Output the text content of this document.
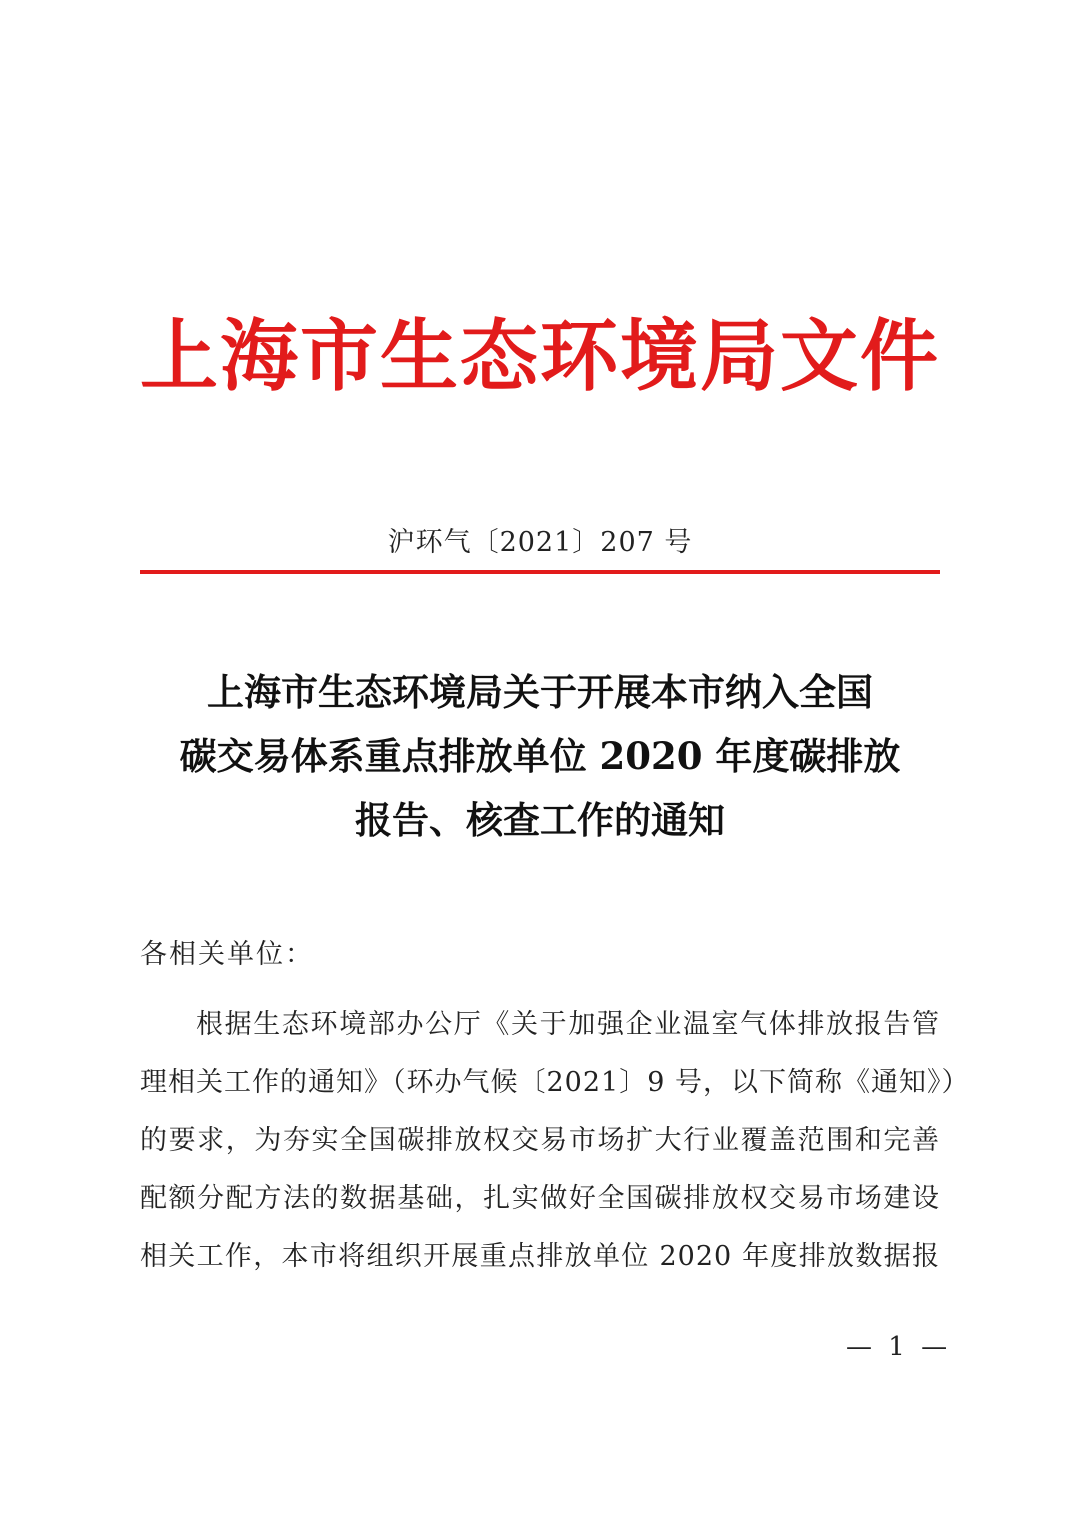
上海市生态环境局文件
沪环气〔2021〕207 号
上海市生态环境局关于开展本市纳入全国
碳交易体系重点排放单位 2020 年度碳排放
报告、核查工作的通知
各相关单位：
根据生态环境部办公厅《关于加强企业温室气体排放报告管
理相关工作的通知》（环办气候〔2021〕9 号，以下简称《通知》）
的要求，为夯实全国碳排放权交易市场扩大行业覆盖范围和完善
配额分配方法的数据基础，扎实做好全国碳排放权交易市场建设
相关工作，本市将组织开展重点排放单位 2020 年度排放数据报
— 1 —
